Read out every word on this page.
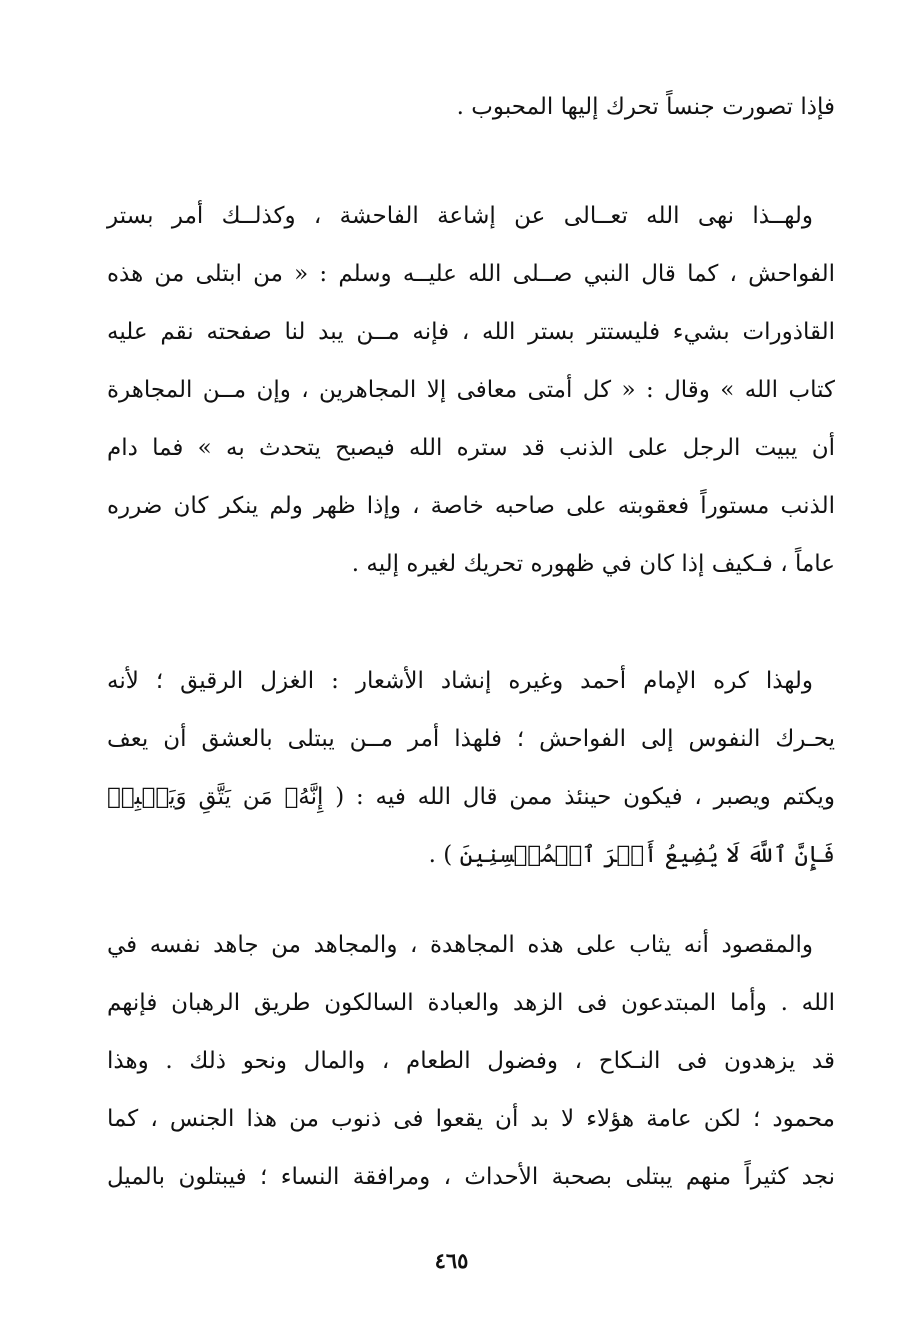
فإذا تصورت جنساً تحرك إليها المحبوب .
ولهــذا نهى الله تعــالى عن إشاعة الفاحشة ، وكذلــك أمر بستر
الفواحش ، كما قال النبي صــلى الله عليــه وسلم : « من ابتلى من هذه
القاذورات بشيء فليستتر بستر الله ، فإنه مــن يبد لنا صفحته نقم عليه
كتاب الله » وقال : « كل أمتى معافى إلا المجاهرين ، وإن مــن المجاهرة
أن يبيت الرجل على الذنب قد ستره الله فيصبح يتحدث به » فما دام
الذنب مستوراً فعقوبته على صاحبه خاصة ، وإذا ظهر ولم ينكر كان ضرره
عاماً ، فـكيف إذا كان في ظهوره تحريك لغيره إليه .
ولهذا كره الإمام أحمد وغيره إنشاد الأشعار : الغزل الرقيق ؛ لأنه
يحـرك النفوس إلى الفواحش ؛ فلهذا أمر مــن يبتلى بالعشق أن يعف
ويكتم ويصبر ، فيكون حينئذ ممن قال الله فيه : ( إِنَّهُۥ مَن يَتَّقِ وَيَصۡبِرۡ
فَإِنَّ ٱللَّهَ لَا يُضِيعُ أَجۡرَ ٱلۡمُحۡسِنِينَ ) .
والمقصود أنه يثاب على هذه المجاهدة ، والمجاهد من جاهد نفسه في
الله . وأما المبتدعون فى الزهد والعبادة السالكون طريق الرهبان فإنهم
قد يزهدون فى النـكاح ، وفضول الطعام ، والمال ونحو ذلك . وهذا
محمود ؛ لكن عامة هؤلاء لا بد أن يقعوا فى ذنوب من هذا الجنس ، كما
نجد كثيراً منهم يبتلى بصحبة الأحداث ، ومرافقة النساء ؛ فيبتلون بالميل
٤٦٥
